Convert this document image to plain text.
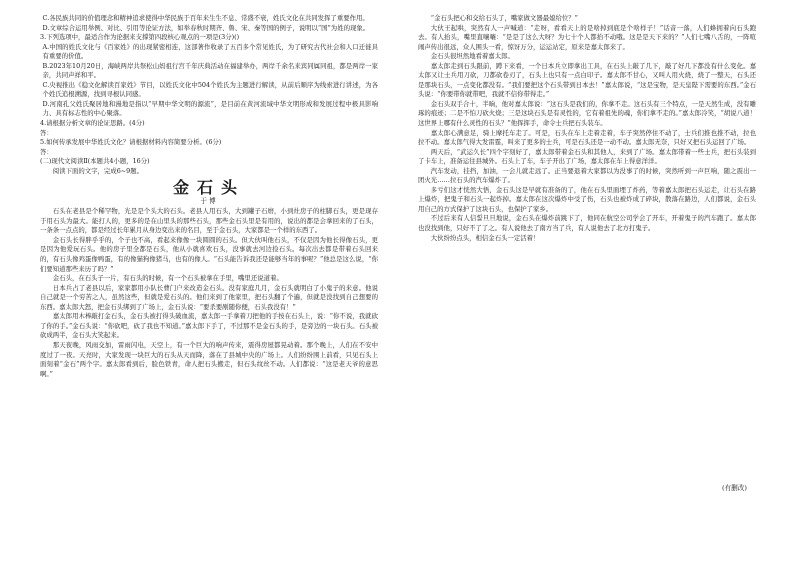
C.各民族共同的价值理念和精神追求使得中华民族于百年来生生不息、常盛不衰，姓氏文化在共同发挥了重要作用。

D.文章综合运用举例、对比、引用等论证方法，如举春秋时期齐、鲁、宋、秦等国的例子，说明以“国”为姓的现象。

3.下列选项中，最适合作为论据来支撑第四段核心观点的一项是(3分)()

A.中国的姓氏文化与《百家姓》的出现紧密相连，这部著作收录了五百多个常见姓氏，为了研究古代社会和人口迁徙具有重要的价值。

B.2023年10月20日，海峡两岸共祭松山妈祖行宫千年庆典活动在福建举办，两岸千余名来宾同属同祖，都是两岸一家亲，共同声祥和平。

C.央视推出《稳文化解读百家姓》节目，以姓氏文化中504个姓氏为主题进行解读，从前后顺序为线索进行讲述，为各个姓氏追根溯源，找到寻根认同感。

D.河南孔父姓氏聚居地和漫地是指以“早期中华文明的源流”，是目前在黄河流域中华文明形成和发展过程中极具影响力、具有标志性的中心聚落。

4.请根据分析文章的论证思路。(4分)

答：

5.如何传承发展中华姓氏文化？请根据材料内容简要分析。(6分)

答：

(二)现代文阅读Ⅱ(本题共4小题，16分)

阅读下面的文字，完成6~9题。

金石头
于博

石头在老县是个稀罕物，光是是个头大的石头。老县人用石头，大到罐子石磨，小到灶房子的柱脚石头，更是现存于用石头为最大。能打人的，更多的是在山里头的那些石头，那些金石头里是有用的，说出的都是会拿回来的了石头，一条条一点点的，都是经过长年累月从身边变出来的名目，至于金石头，大家都是一个样的东西了。

金石头长得胖乎乎的，个子也不高，看起来像像一块圆圆的石头。但大伙叫他石头，不仅是因为他长得像石头，更是因为他爱玩石头。他的房子里全都是石头，他从小就喜欢石头，没事就去河边捡石头。每次出去都是带着石头回来的，有石头像鸡蛋像鸭蛋，有的像猫狗像猪马，也有的像人。“石头能告诉我还是能够当年的事呢？”他总是这么说，“你们要知道那些来历了吗？”

金石头，在石头子一片，有石头的时候，有一个石头被拿在手里，嘴里还说道着。

日本兵占了老县以后，家家都用小队长曹门户来改造金石头。没有家庭几月，金石头就明白了小鬼子的来意。他说自己就是一个穷苦之人，虽然这些，但就是爱石头的。他们来到了他家里，把石头翻了个遍，但就是没找到自己想要的东西。嘉太郎大怒，把金石头绑到了广场上，金石头说：“要杀要剐随你便，石头我没有！”

嘉太郎用木棒敲打金石头，金石头被打得头破血流，嘉太郎一手拿着刀把他的手按在石头上，说：“你不说，我就砍了你的手。”金石头说：“你砍吧，砍了我也不知道。”嘉太郎下手了，不过那不是金石头的手，是旁边的一块石头。石头被砍成两半，金石头大笑起来。

那天夜晚，风雨交加，雷雨闪电，天空上，有一个巨大的响声传来，震得房屋都晃动着。那个晚上，人们在不安中度过了一夜。天亮时，大家发现一块巨大的石头从天而降，落在了县城中央的广场上。人们纷纷围上前看，只见石头上面刻着“金石”两个字。嘉太郎看到后，脸色铁青，命人把石头搬走，但石头纹丝不动。人们都说：“这是老天爷的意思啊。”

“金石头把心和交给石头了，嘴家做文器最媳给位？”

大伙王起哄，突然有人一声喊道：“走呀，看看天上的是啥掉到底是个啥样子！”话音一落，人们蜂拥着向石头跑去。有人抬头，嘴里直嚷嚷：“是是了这么大呀？为七十个人都抬不动哦。这是是天下来的？”人们七嘴八舌的，一阵喧闹声传出很远，众人围头一看，惊讶万分，运运站定，原来是嘉太郎来了。

金石头很坦然地看着嘉太郎。

嘉太郎走到石头跟前，蹲下来看，一个日本兵立即拿出工具，在石头上敲了几下，敲了好几下都没有什么变化。嘉太郎又让士兵用刀砍，刀都砍卷刃了，石头上也只有一点白印子。嘉太郎不甘心，又叫人用火烧，烧了一整天，石头还是那块石头，一点变化都没有。“我们要把这个石头带到日本去！”嘉太郎说，“这是宝物，是天皇陛下需要的东西。”金石头说：“你要带你就带吧，我就不信你带得走。”

金石头双手合十，半晌，他对嘉太郎说：“这石头是我们的，你拿不走。这石头有三个特点，一是天然生成，没有雕琢的痕迹；二是不怕刀砍火烧；三是这块石头是有灵性的，它有着祖先的魂，你们拿不走的。”嘉太郎冷笑，“胡说八道！这世界上哪有什么灵性的石头？”他挥挥手，命令士兵把石头装车。

嘉太郎心满意足，骑上摩托车走了。可是，石头在车上走着走着，车子突然停住不动了，士兵们推也推不动，拉也拉不动。嘉太郎气得大发雷霆，叫来了更多的士兵，可是石头还是一动不动。嘉太郎无奈，只好又把石头运回了广场。

两天后，“武运久长”四个字刻好了，嘉太郎带着金石头和其他人，来到了广场。嘉太郎带着一些士兵，把石头装到了卡车上，准备运往县城外。石头上了车，车子开出了广场，嘉太郎在车上得意洋洋。

汽车发动，挂挡，加油，一会儿就走远了。正当要退着大家都以为没事了的时候，突然听到一声巨响，随之震出一团火光……拉石头的汽车爆炸了。

多亏们这才恍然大悟，金石头这是早就有准备的了，他在石头里面埋了炸药，等着嘉太郎把石头运走，让石头在路上爆炸，把鬼子和石头一起炸掉。嘉太郎在这次爆炸中受了伤，石头也被炸成了碎块，散落在路边，人们都说，金石头用自己的方式保护了这块石头，也保护了家乡。

不过后来有人信誓旦旦地说，金石头在爆炸前跳下了，他同在航空公司学会了开车，开着鬼子的汽车跑了。嘉太郎也没找到他，只好不了了之。有人说他去了南方当了兵，有人说他去了北方打鬼子。

大伙纷纷点头，相信金石头一定活着！

(有删改)
